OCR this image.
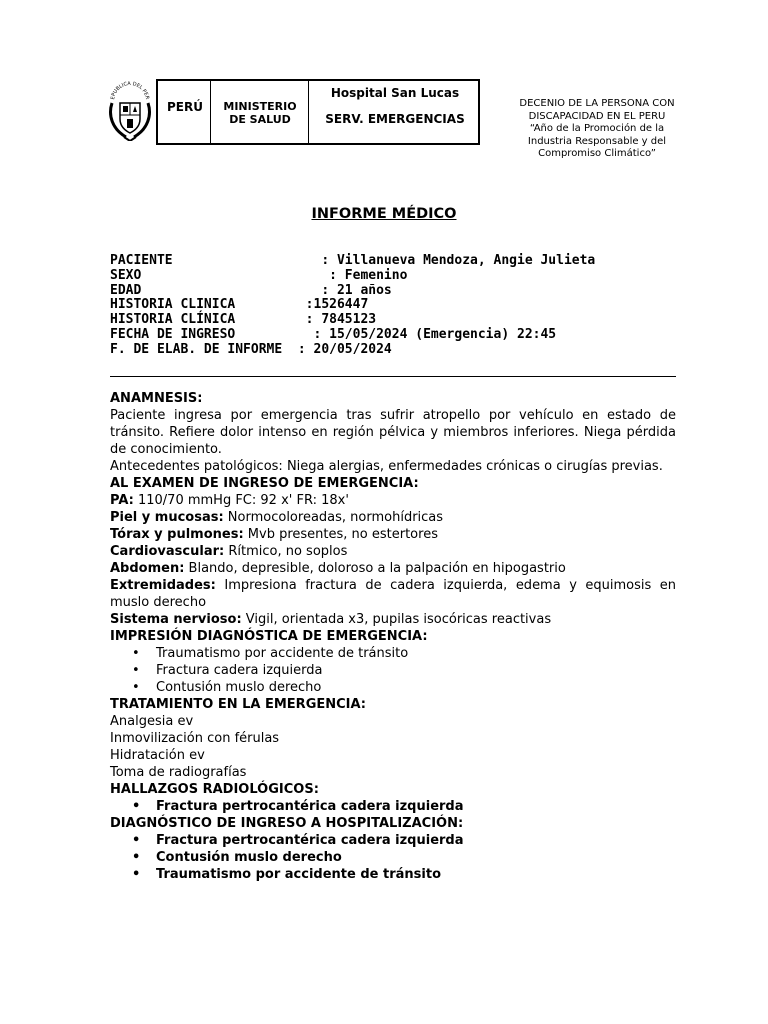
EPUBLICA DEL PER
PERÚ	MINISTERIO
DE SALUD
Hospital San Lucas
SERV. EMERGENCIAS
DECENIO DE LA PERSONA CON
DISCAPACIDAD EN EL PERU
“Año de la Promoción de la
Industria Responsable y del
Compromiso Climático”
INFORME MÉDICO
PACIENTE                   : Villanueva Mendoza, Angie Julieta
SEXO                        : Femenino
EDAD                       : 21 años
HISTORIA CLINICA         :1526447
HISTORIA CLÍNICA         : 7845123
FECHA DE INGRESO          : 15/05/2024 (Emergencia) 22:45
F. DE ELAB. DE INFORME  : 20/05/2024

ANAMNESIS:

Paciente ingresa por emergencia tras sufrir atropello por vehículo en estado de tránsito. Refiere dolor intenso en región pélvica y miembros inferiores. Niega pérdida de conocimiento.

Antecedentes patológicos: Niega alergias, enfermedades crónicas o cirugías previas.

AL EXAMEN DE INGRESO DE EMERGENCIA:

PA: 110/70 mmHg FC: 92 x' FR: 18x'

Piel y mucosas: Normocoloreadas, normohídricas

Tórax y pulmones: Mvb presentes, no estertores

Cardiovascular: Rítmico, no soplos

Abdomen: Blando, depresible, doloroso a la palpación en hipogastrio

Extremidades: Impresiona fractura de cadera izquierda, edema y equimosis en muslo derecho

Sistema nervioso: Vigil, orientada x3, pupilas isocóricas reactivas

IMPRESIÓN DIAGNÓSTICA DE EMERGENCIA:

• Traumatismo por accidente de tránsito
• Fractura cadera izquierda
• Contusión muslo derecho

TRATAMIENTO EN LA EMERGENCIA:

Analgesia ev

Inmovilización con férulas

Hidratación ev

Toma de radiografías

HALLAZGOS RADIOLÓGICOS:

• Fractura pertrocantérica cadera izquierda

DIAGNÓSTICO DE INGRESO A HOSPITALIZACIÓN:

• Fractura pertrocantérica cadera izquierda
• Contusión muslo derecho
• Traumatismo por accidente de tránsito
